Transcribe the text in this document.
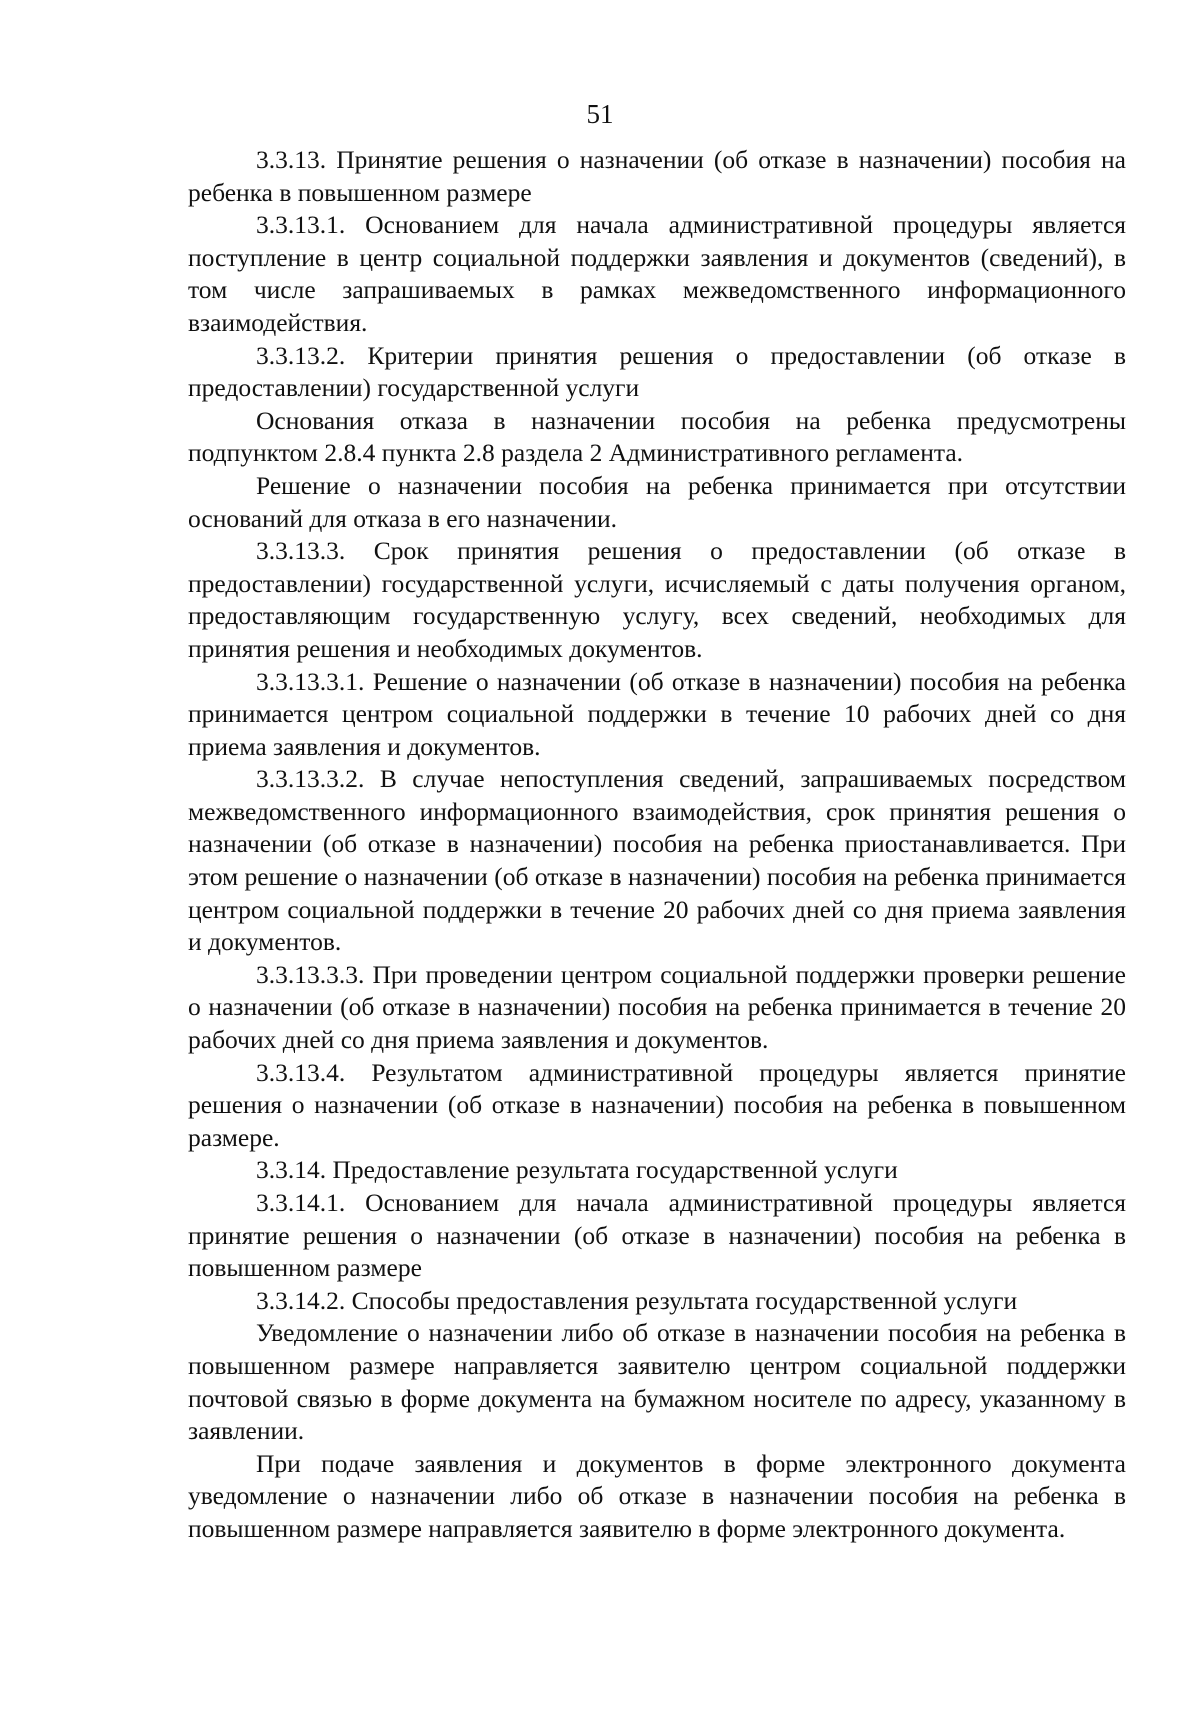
51

3.3.13. Принятие решения о назначении (об отказе в назначении) пособия на ребенка в повышенном размере

3.3.13.1. Основанием для начала административной процедуры является поступление в центр социальной поддержки заявления и документов (сведений), в том числе запрашиваемых в рамках межведомственного информационного взаимодействия.

3.3.13.2. Критерии принятия решения о предоставлении (об отказе в предоставлении) государственной услуги

Основания отказа в назначении пособия на ребенка предусмотрены подпунктом 2.8.4 пункта 2.8 раздела 2 Административного регламента.

Решение о назначении пособия на ребенка принимается при отсутствии оснований для отказа в его назначении.

3.3.13.3. Срок принятия решения о предоставлении (об отказе в предоставлении) государственной услуги, исчисляемый с даты получения органом, предоставляющим государственную услугу, всех сведений, необходимых для принятия решения и необходимых документов.

3.3.13.3.1. Решение о назначении (об отказе в назначении) пособия на ребенка принимается центром социальной поддержки в течение 10 рабочих дней со дня приема заявления и документов.

3.3.13.3.2. В случае непоступления сведений, запрашиваемых посредством межведомственного информационного взаимодействия, срок принятия решения о назначении (об отказе в назначении) пособия на ребенка приостанавливается. При этом решение о назначении (об отказе в назначении) пособия на ребенка принимается центром социальной поддержки в течение 20 рабочих дней со дня приема заявления и документов.

3.3.13.3.3. При проведении центром социальной поддержки проверки решение о назначении (об отказе в назначении) пособия на ребенка принимается в течение 20 рабочих дней со дня приема заявления и документов.

3.3.13.4. Результатом административной процедуры является принятие решения о назначении (об отказе в назначении) пособия на ребенка в повышенном размере.

3.3.14. Предоставление результата государственной услуги

3.3.14.1. Основанием для начала административной процедуры является принятие решения о назначении (об отказе в назначении) пособия на ребенка в повышенном размере

3.3.14.2. Способы предоставления результата государственной услуги

Уведомление о назначении либо об отказе в назначении пособия на ребенка в повышенном размере направляется заявителю центром социальной поддержки почтовой связью в форме документа на бумажном носителе по адресу, указанному в заявлении.

При подаче заявления и документов в форме электронного документа уведомление о назначении либо об отказе в назначении пособия на ребенка в повышенном размере направляется заявителю в форме электронного документа.
